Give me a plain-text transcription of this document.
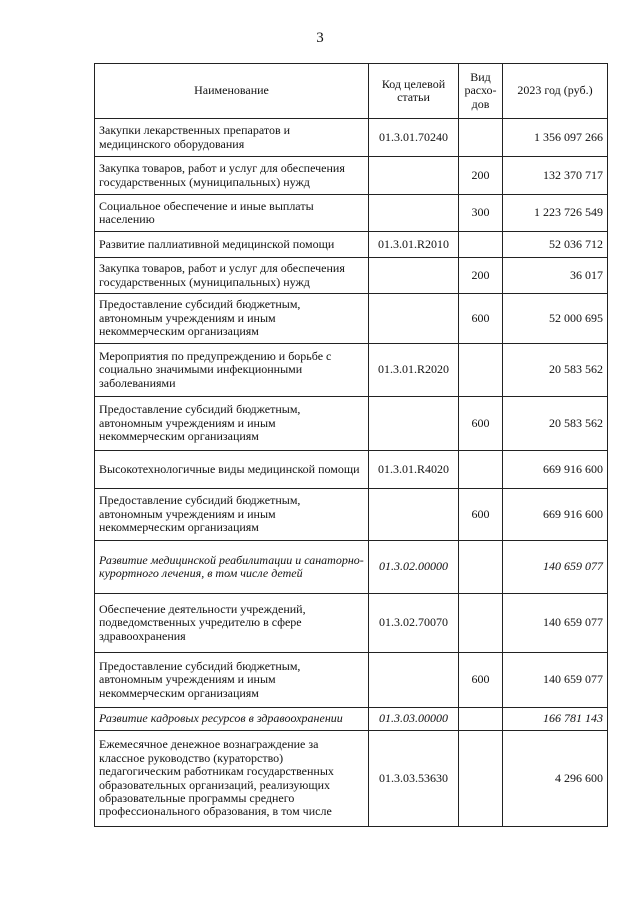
3
Наименование	Код целевой статьи	Вид расхо-дов	2023 год (руб.)
Закупки лекарственных препаратов и медицинского оборудования	01.3.01.70240		1 356 097 266
Закупка товаров, работ и услуг для обеспечения государственных (муниципальных) нужд		200	132 370 717
Социальное обеспечение и иные выплаты населению		300	1 223 726 549
Развитие паллиативной медицинской помощи	01.3.01.R2010		52 036 712
Закупка товаров, работ и услуг для обеспечения государственных (муниципальных) нужд		200	36 017
Предоставление субсидий бюджетным, автономным учреждениям и иным некоммерческим организациям		600	52 000 695
Мероприятия по предупреждению и борьбе с социально значимыми инфекционными заболеваниями	01.3.01.R2020		20 583 562
Предоставление субсидий бюджетным, автономным учреждениям и иным некоммерческим организациям		600	20 583 562
Высокотехнологичные виды медицинской помощи	01.3.01.R4020		669 916 600
Предоставление субсидий бюджетным, автономным учреждениям и иным некоммерческим организациям		600	669 916 600
Развитие медицинской реабилитации и санаторно-курортного лечения, в том числе детей	01.3.02.00000		140 659 077
Обеспечение деятельности учреждений, подведомственных учредителю в сфере здравоохранения	01.3.02.70070		140 659 077
Предоставление субсидий бюджетным, автономным учреждениям и иным некоммерческим организациям		600	140 659 077
Развитие кадровых ресурсов в здравоохранении	01.3.03.00000		166 781 143
Ежемесячное денежное вознаграждение за классное руководство (кураторство) педагогическим работникам государственных образовательных организаций, реализующих образовательные программы среднего профессионального образования, в том числе	01.3.03.53630		4 296 600
